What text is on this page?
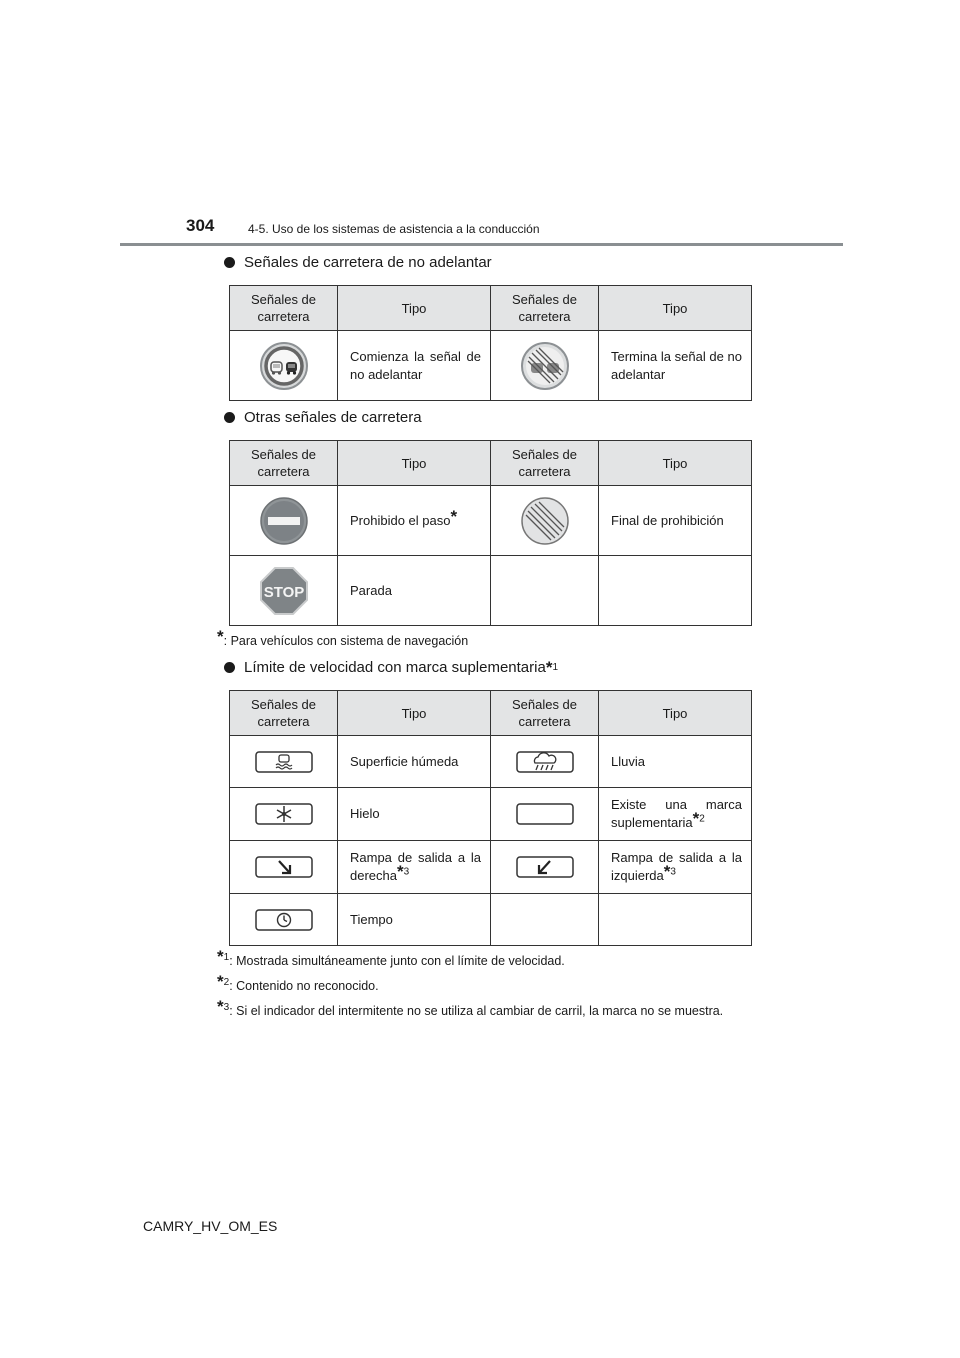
304	4-5. Uso de los sistemas de asistencia a la conducción
Señales de carretera de no adelantar
Señales de carretera	Tipo	Señales de carretera	Tipo

	Comienza la señal de no adelantar		Termina la señal de no adelantar
Otras señales de carretera
Señales de carretera	Tipo	Señales de carretera	Tipo

	Prohibido el paso*		Final de prohibición

STOP	Parada		
*: Para vehículos con sistema de navegación
Límite de velocidad con marca suplementaria * 1
Señales de carretera	Tipo	Señales de carretera	Tipo

	Superficie húmeda		Lluvia

	Hielo		Existe una marca suplementaria*$^2$

	Rampa de salida a la derecha*$^3$		Rampa de salida a la izquierda*$^3$

	Tiempo		
*$^1$: Mostrada simultáneamente junto con el límite de velocidad.
*$^2$: Contenido no reconocido.
*$^3$ : Si el indicador del intermitente no se utiliza al cambiar de carril, la marca no se muestra.
CAMRY_HV_OM_ES
